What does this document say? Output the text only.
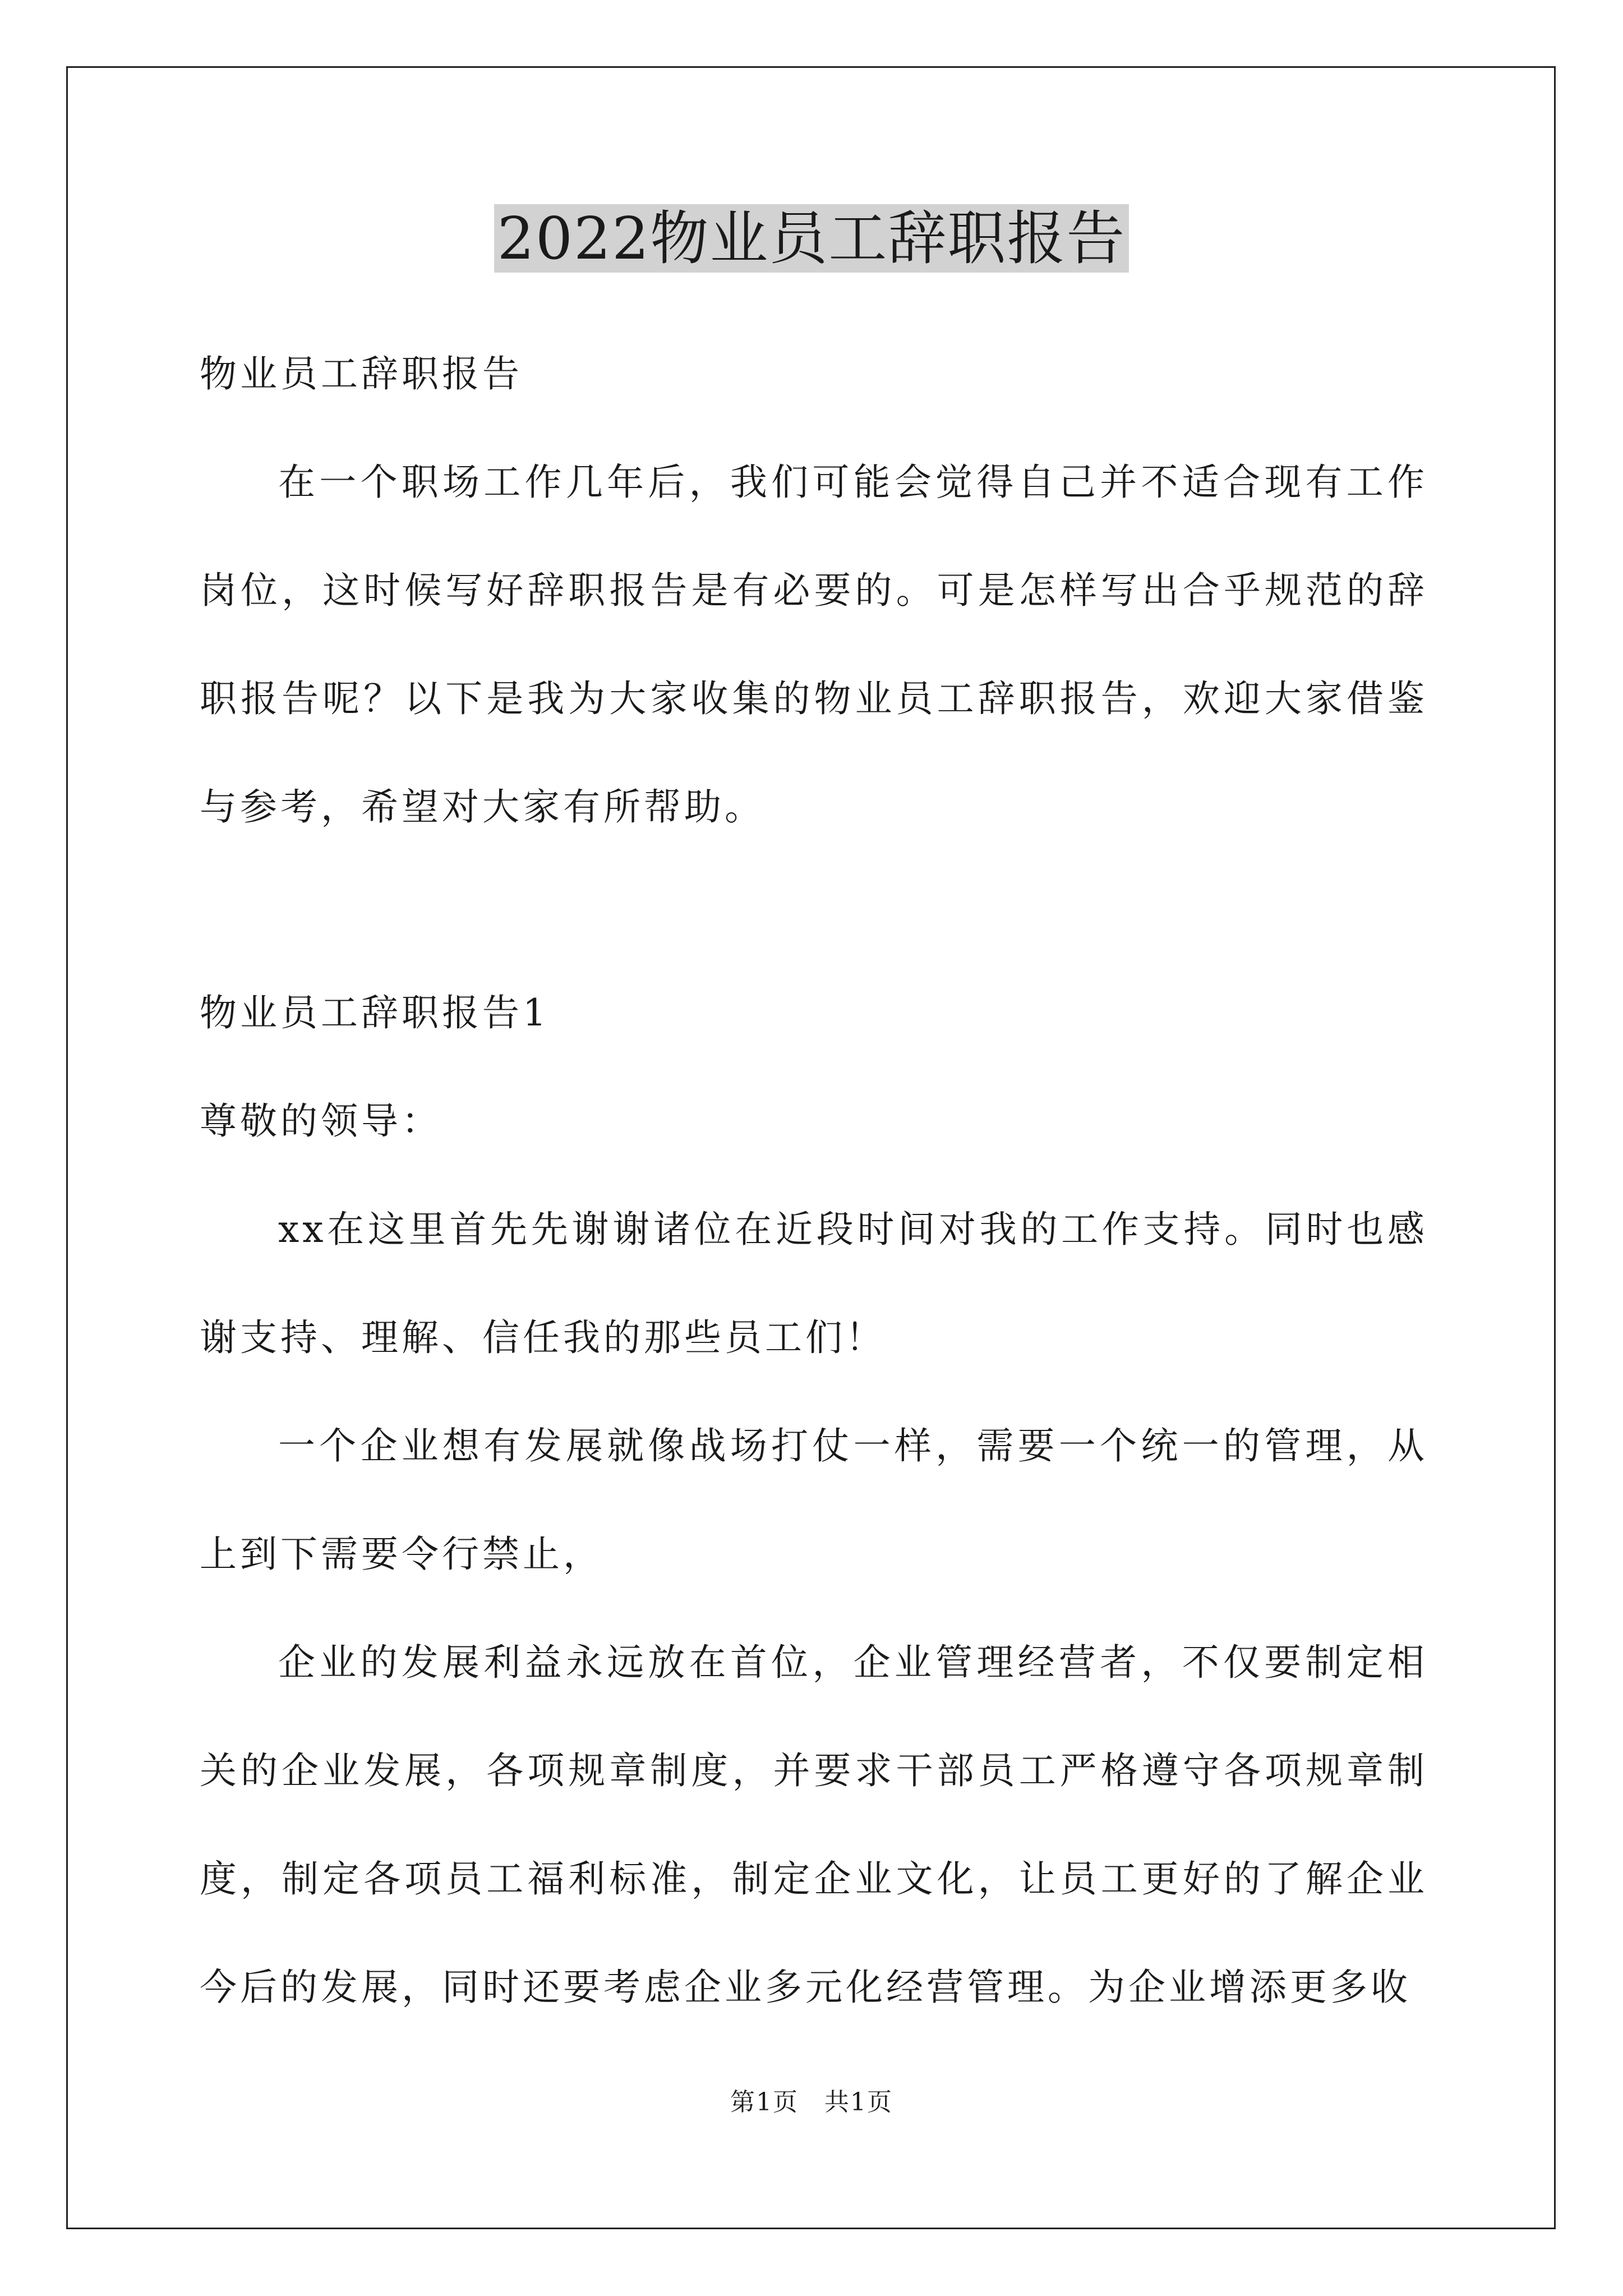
2022物业员工辞职报告

物业员工辞职报告

在一个职场工作几年后，我们可能会觉得自己并不适合现有工作岗位，这时候写好辞职报告是有必要的。可是怎样写出合乎规范的辞职报告呢？以下是我为大家收集的物业员工辞职报告，欢迎大家借鉴与参考，希望对大家有所帮助。

物业员工辞职报告1

尊敬的领导：

xx在这里首先先谢谢诸位在近段时间对我的工作支持。同时也感谢支持、理解、信任我的那些员工们！

一个企业想有发展就像战场打仗一样，需要一个统一的管理，从上到下需要令行禁止，

企业的发展利益永远放在首位，企业管理经营者，不仅要制定相关的企业发展，各项规章制度，并要求干部员工严格遵守各项规章制度，制定各项员工福利标准，制定企业文化，让员工更好的了解企业今后的发展，同时还要考虑企业多元化经营管理。为企业增添更多收

第1页　共1页
